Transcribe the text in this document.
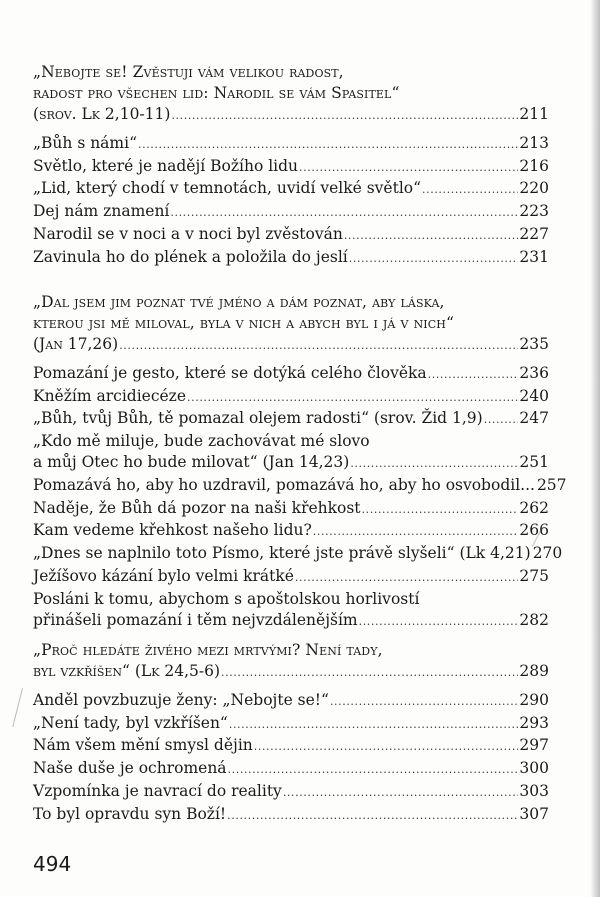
„Nebojte se! Zvěstuji vám velikou radost,
radost pro všechen lid: Narodil se vám Spasitel“
(srov. Lk 2,10-11) .....	211
„Bůh s námi“ .....	213
Světlo, které je nadějí Božího lidu .....	216
„Lid, který chodí v temnotách, uvidí velké světlo“ .....	220
Dej nám znamení .....	223
Narodil se v noci a v noci byl zvěstován .....	227
Zavinula ho do plének a položila do jeslí .....	231
„Dal jsem jim poznat tvé jméno a dám poznat, aby láska,
kterou jsi mě miloval, byla v nich a abych byl i já v nich“
(Jan 17,26) .....	235
Pomazání je gesto, které se dotýká celého člověka .....	236
Kněžím arcidiecéze .....	240
„Bůh, tvůj Bůh, tě pomazal olejem radosti“ (srov. Žid 1,9) ..... 247
„Kdo mě miluje, bude zachovávat mé slovo
a můj Otec ho bude milovat“ (Jan 14,23) .....	251
Pomazává ho, aby ho uzdravil, pomazává ho, aby ho osvobodil... 257
Naděje, že Bůh dá pozor na naši křehkost .....	262
Kam vedeme křehkost našeho lidu? .....	266
„Dnes se naplnilo toto Písmo, které jste právě slyšeli“ (Lk 4,21) 270
Ježíšovo kázání bylo velmi krátké .....	275
Posláni k tomu, abychom s apoštolskou horlivostí
přinášeli pomazání i těm nejvzdálenějším .....	282
„Proč hledáte živého mezi mrtvými? Není tady,
byl vzkříšen“ (Lk 24,5-6) .....	289
Anděl povzbuzuje ženy: „Nebojte se!“ .....	290
„Není tady, byl vzkříšen“ .....	293
Nám všem mění smysl dějin .....	297
Naše duše je ochromená .....	300
Vzpomínka je navrací do reality .....	303
To byl opravdu syn Boží! .....	307
494
